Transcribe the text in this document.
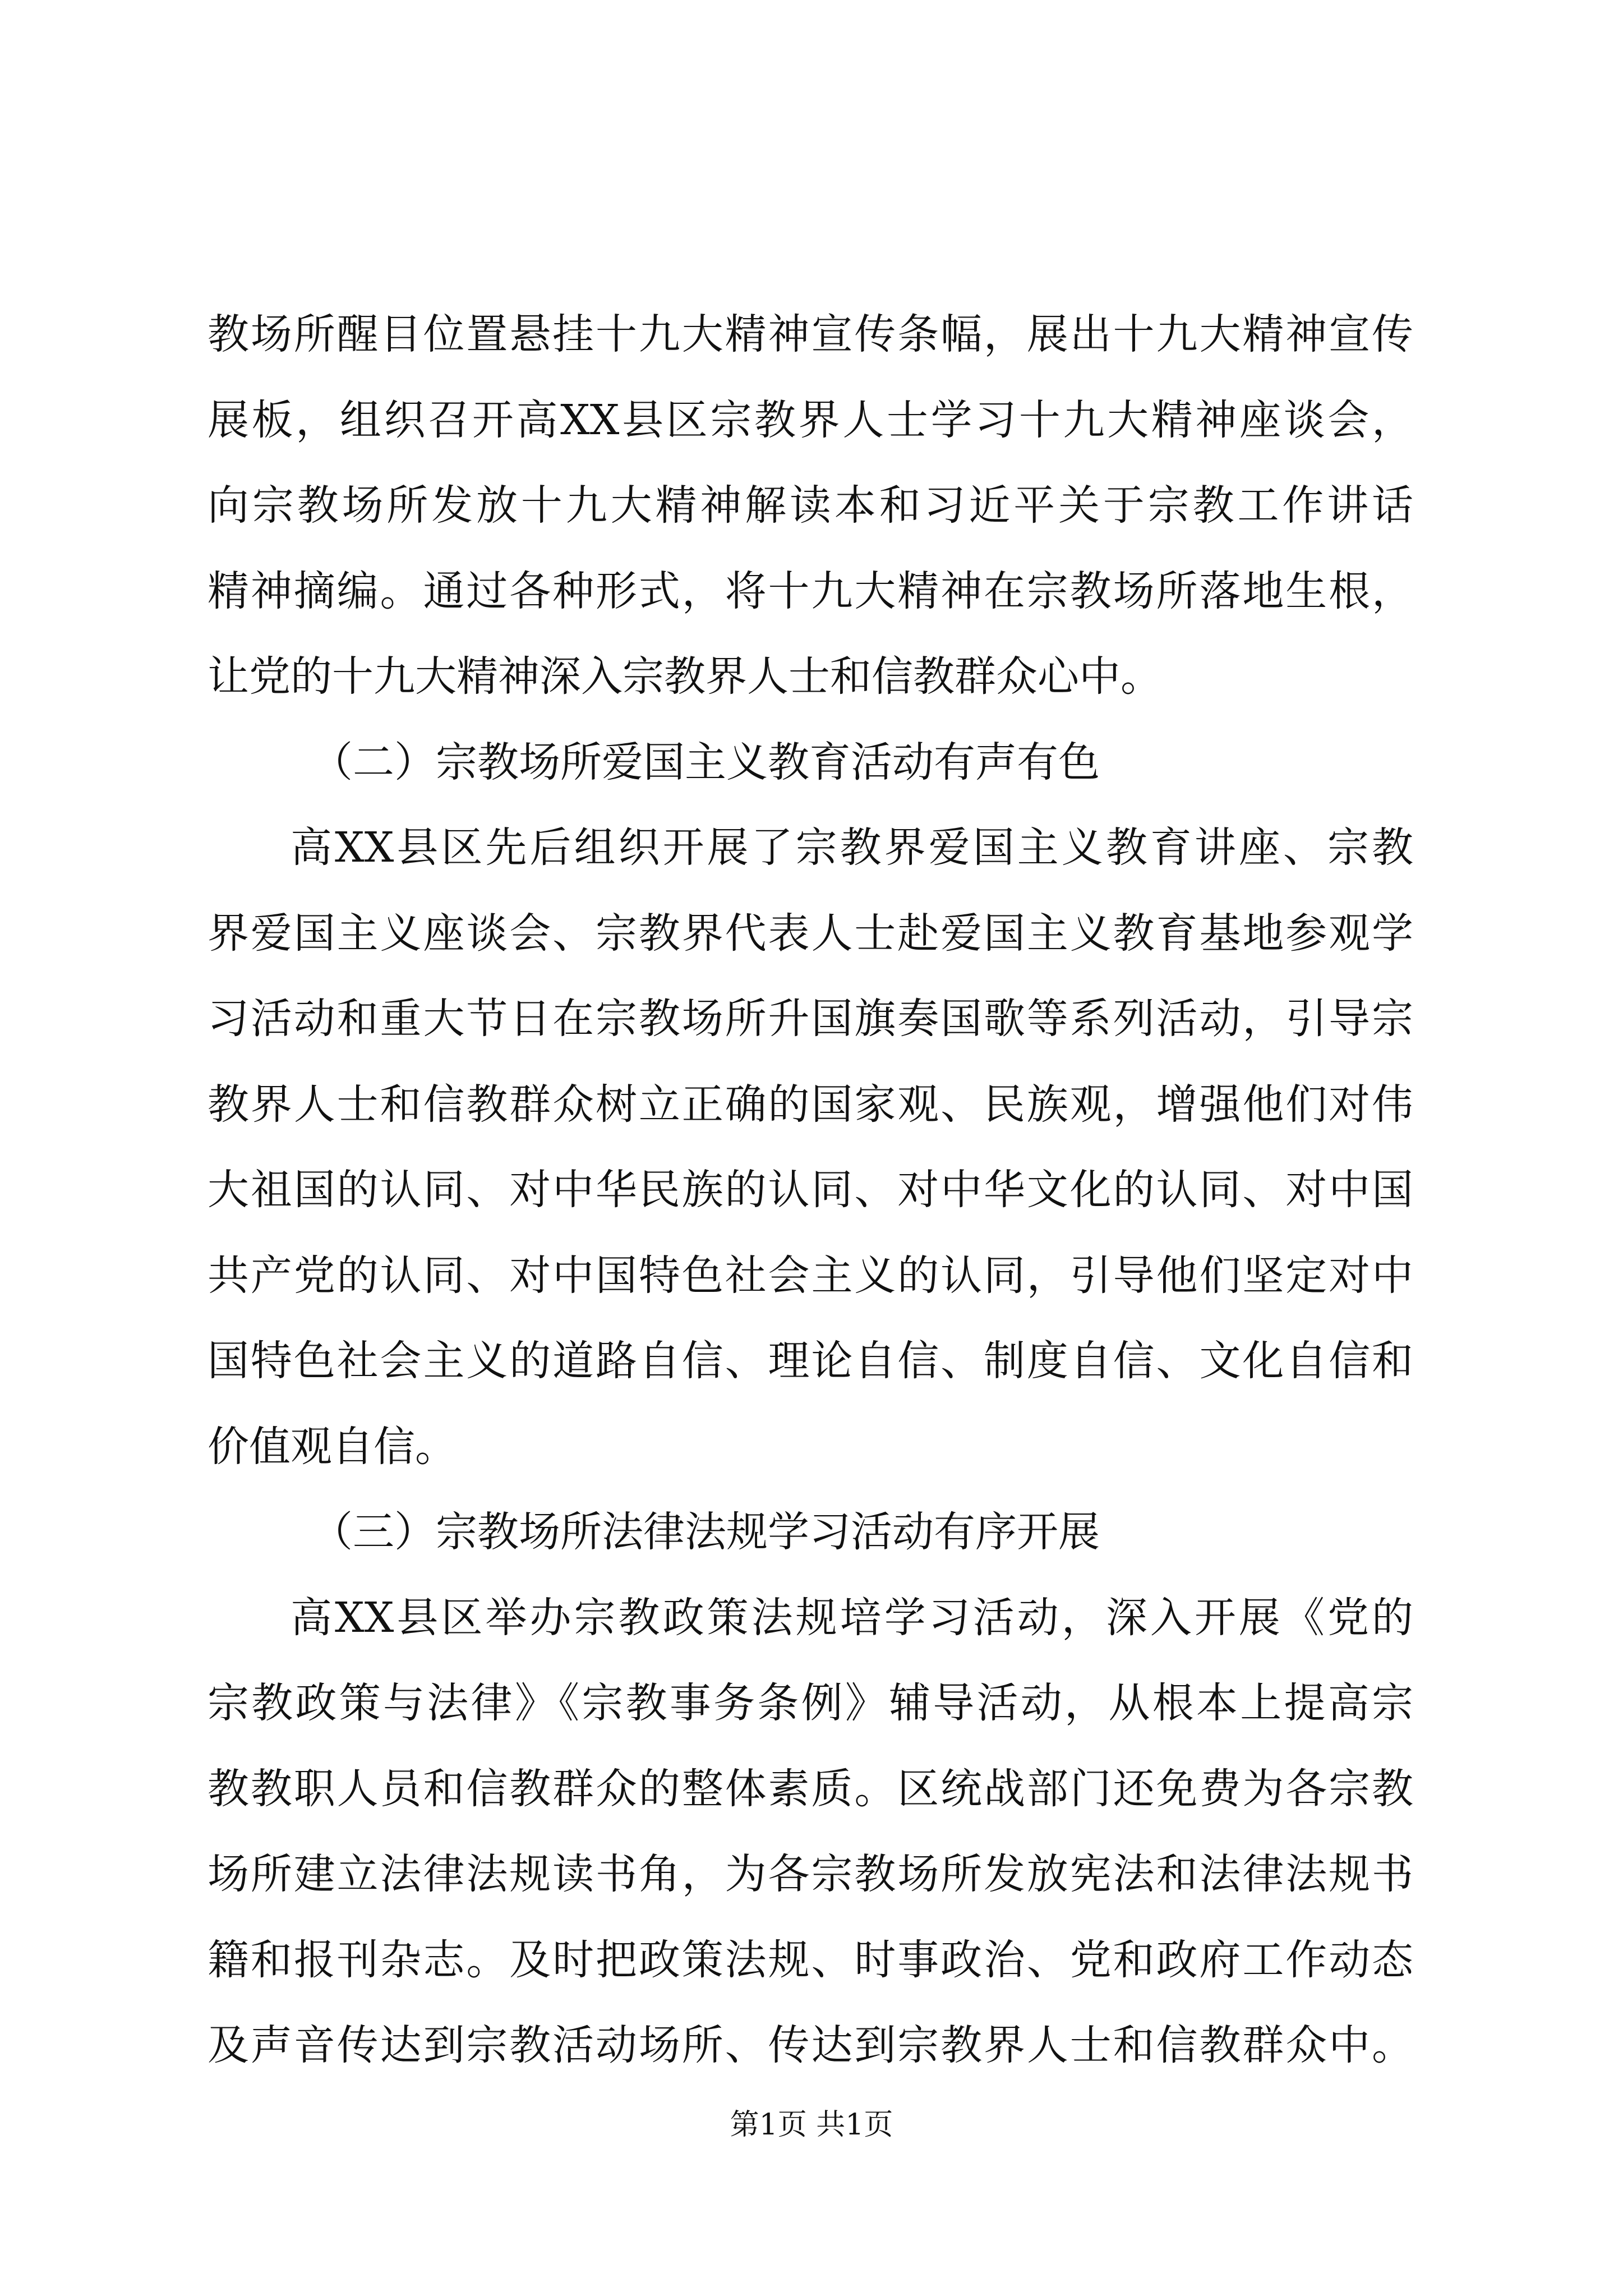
教场所醒目位置悬挂十九大精神宣传条幅，展出十九大精神宣传
展板，组织召开高XX县区宗教界人士学习十九大精神座谈会，
向宗教场所发放十九大精神解读本和习近平关于宗教工作讲话
精神摘编。通过各种形式，将十九大精神在宗教场所落地生根，
让党的十九大精神深入宗教界人士和信教群众心中。
（二）宗教场所爱国主义教育活动有声有色
高XX县区先后组织开展了宗教界爱国主义教育讲座、宗教
界爱国主义座谈会、宗教界代表人士赴爱国主义教育基地参观学
习活动和重大节日在宗教场所升国旗奏国歌等系列活动，引导宗
教界人士和信教群众树立正确的国家观、民族观，增强他们对伟
大祖国的认同、对中华民族的认同、对中华文化的认同、对中国
共产党的认同、对中国特色社会主义的认同，引导他们坚定对中
国特色社会主义的道路自信、理论自信、制度自信、文化自信和
价值观自信。
（三）宗教场所法律法规学习活动有序开展
高XX县区举办宗教政策法规培学习活动，深入开展《党的
宗教政策与法律》《宗教事务条例》辅导活动，从根本上提高宗
教教职人员和信教群众的整体素质。区统战部门还免费为各宗教
场所建立法律法规读书角，为各宗教场所发放宪法和法律法规书
籍和报刊杂志。及时把政策法规、时事政治、党和政府工作动态
及声音传达到宗教活动场所、传达到宗教界人士和信教群众中。
第1页 共1页
